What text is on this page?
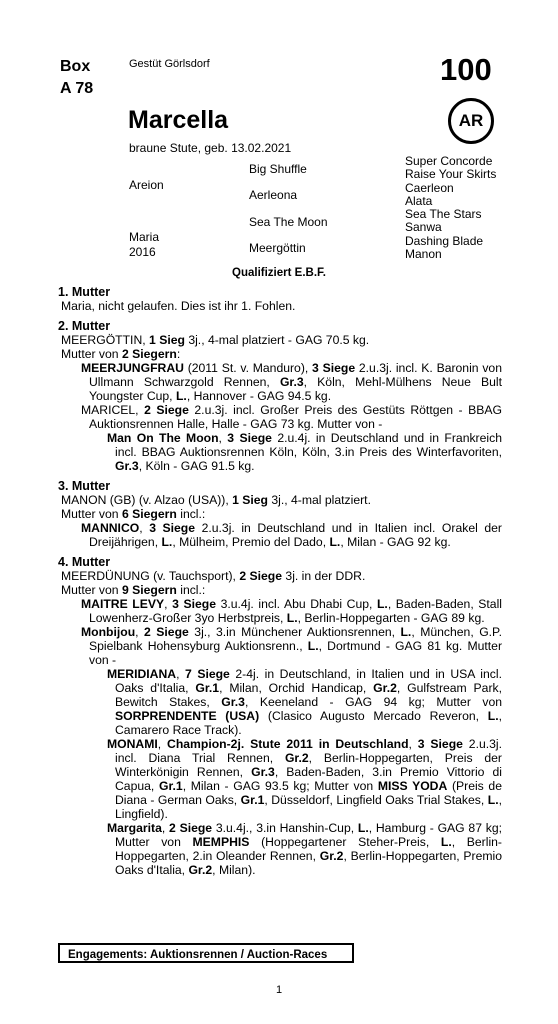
Box
A 78
Gestüt Görlsdorf	100
AR
Marcella
braune Stute, geb. 13.02.2021
Areion
Maria
2016
Big Shuffle
Aerleona
Sea The Moon
Meergöttin
Super Concorde
Raise Your Skirts
Caerleon
Alata
Sea The Stars
Sanwa
Dashing Blade
Manon
Qualifiziert E.B.F.
1. Mutter
Maria, nicht gelaufen. Dies ist ihr 1. Fohlen.
2. Mutter
MEERGÖTTIN, 1 Sieg 3j., 4-mal platziert - GAG 70.5 kg.
Mutter von 2 Siegern:
MEERJUNGFRAU (2011 St. v. Manduro), 3 Siege 2.u.3j. incl. K. Baronin von Ullmann Schwarzgold Rennen, Gr.3, Köln, Mehl-Mülhens Neue Bult Youngster Cup, L., Hannover - GAG 94.5 kg.
MARICEL, 2 Siege 2.u.3j. incl. Großer Preis des Gestüts Röttgen - BBAG Auktionsrennen Halle, Halle - GAG 73 kg. Mutter von -
Man On The Moon, 3 Siege 2.u.4j. in Deutschland und in Frankreich incl. BBAG Auktionsrennen Köln, Köln, 3.in Preis des Winterfavoriten, Gr.3, Köln - GAG 91.5 kg.
3. Mutter
MANON (GB) (v. Alzao (USA)), 1 Sieg 3j., 4-mal platziert.
Mutter von 6 Siegern incl.:
MANNICO, 3 Siege 2.u.3j. in Deutschland und in Italien incl. Orakel der Dreijährigen, L., Mülheim, Premio del Dado, L., Milan - GAG 92 kg.
4. Mutter
MEERDÜNUNG (v. Tauchsport), 2 Siege 3j. in der DDR.
Mutter von 9 Siegern incl.:
MAITRE LEVY, 3 Siege 3.u.4j. incl. Abu Dhabi Cup, L., Baden-Baden, Stall Lowenherz-Großer 3yo Herbstpreis, L., Berlin-Hoppegarten - GAG 89 kg.
Monbijou, 2 Siege 3j., 3.in Münchener Auktionsrennen, L., München, G.P. Spielbank Hohensyburg Auktionsrenn., L., Dortmund - GAG 81 kg. Mutter von -
MERIDIANA, 7 Siege 2-4j. in Deutschland, in Italien und in USA incl. Oaks d'Italia, Gr.1, Milan, Orchid Handicap, Gr.2, Gulfstream Park, Bewitch Stakes, Gr.3, Keeneland - GAG 94 kg; Mutter von SORPRENDENTE (USA) (Clasico Augusto Mercado Reveron, L., Camarero Race Track).
MONAMI, Champion-2j. Stute 2011 in Deutschland, 3 Siege 2.u.3j. incl. Diana Trial Rennen, Gr.2, Berlin-Hoppegarten, Preis der Winterkönigin Rennen, Gr.3, Baden-Baden, 3.in Premio Vittorio di Capua, Gr.1, Milan - GAG 93.5 kg; Mutter von MISS YODA (Preis de Diana - German Oaks, Gr.1, Düsseldorf, Lingfield Oaks Trial Stakes, L., Lingfield).
Margarita, 2 Siege 3.u.4j., 3.in Hanshin-Cup, L., Hamburg - GAG 87 kg; Mutter von MEMPHIS (Hoppegartener Steher-Preis, L., Berlin-Hoppegarten, 2.in Oleander Rennen, Gr.2, Berlin-Hoppegarten, Premio Oaks d'Italia, Gr.2, Milan).
Engagements: Auktionsrennen / Auction-Races
1
